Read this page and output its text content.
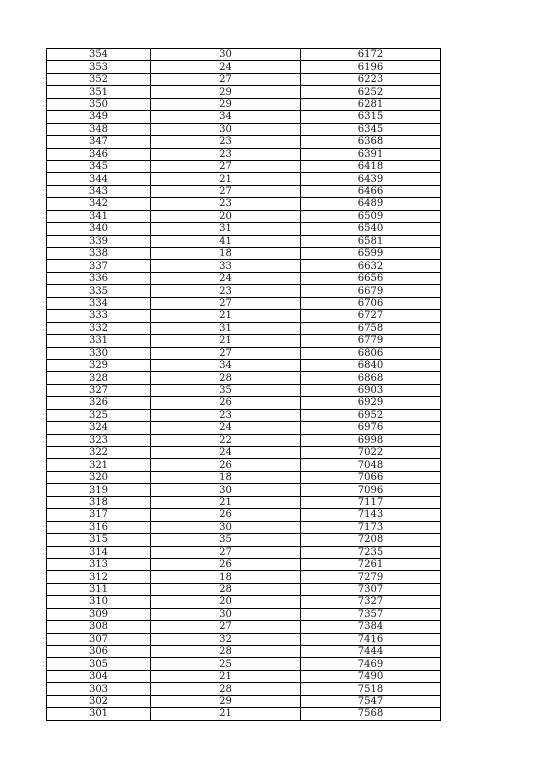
354	30	6172
353	24	6196
352	27	6223
351	29	6252
350	29	6281
349	34	6315
348	30	6345
347	23	6368
346	23	6391
345	27	6418
344	21	6439
343	27	6466
342	23	6489
341	20	6509
340	31	6540
339	41	6581
338	18	6599
337	33	6632
336	24	6656
335	23	6679
334	27	6706
333	21	6727
332	31	6758
331	21	6779
330	27	6806
329	34	6840
328	28	6868
327	35	6903
326	26	6929
325	23	6952
324	24	6976
323	22	6998
322	24	7022
321	26	7048
320	18	7066
319	30	7096
318	21	7117
317	26	7143
316	30	7173
315	35	7208
314	27	7235
313	26	7261
312	18	7279
311	28	7307
310	20	7327
309	30	7357
308	27	7384
307	32	7416
306	28	7444
305	25	7469
304	21	7490
303	28	7518
302	29	7547
301	21	7568
